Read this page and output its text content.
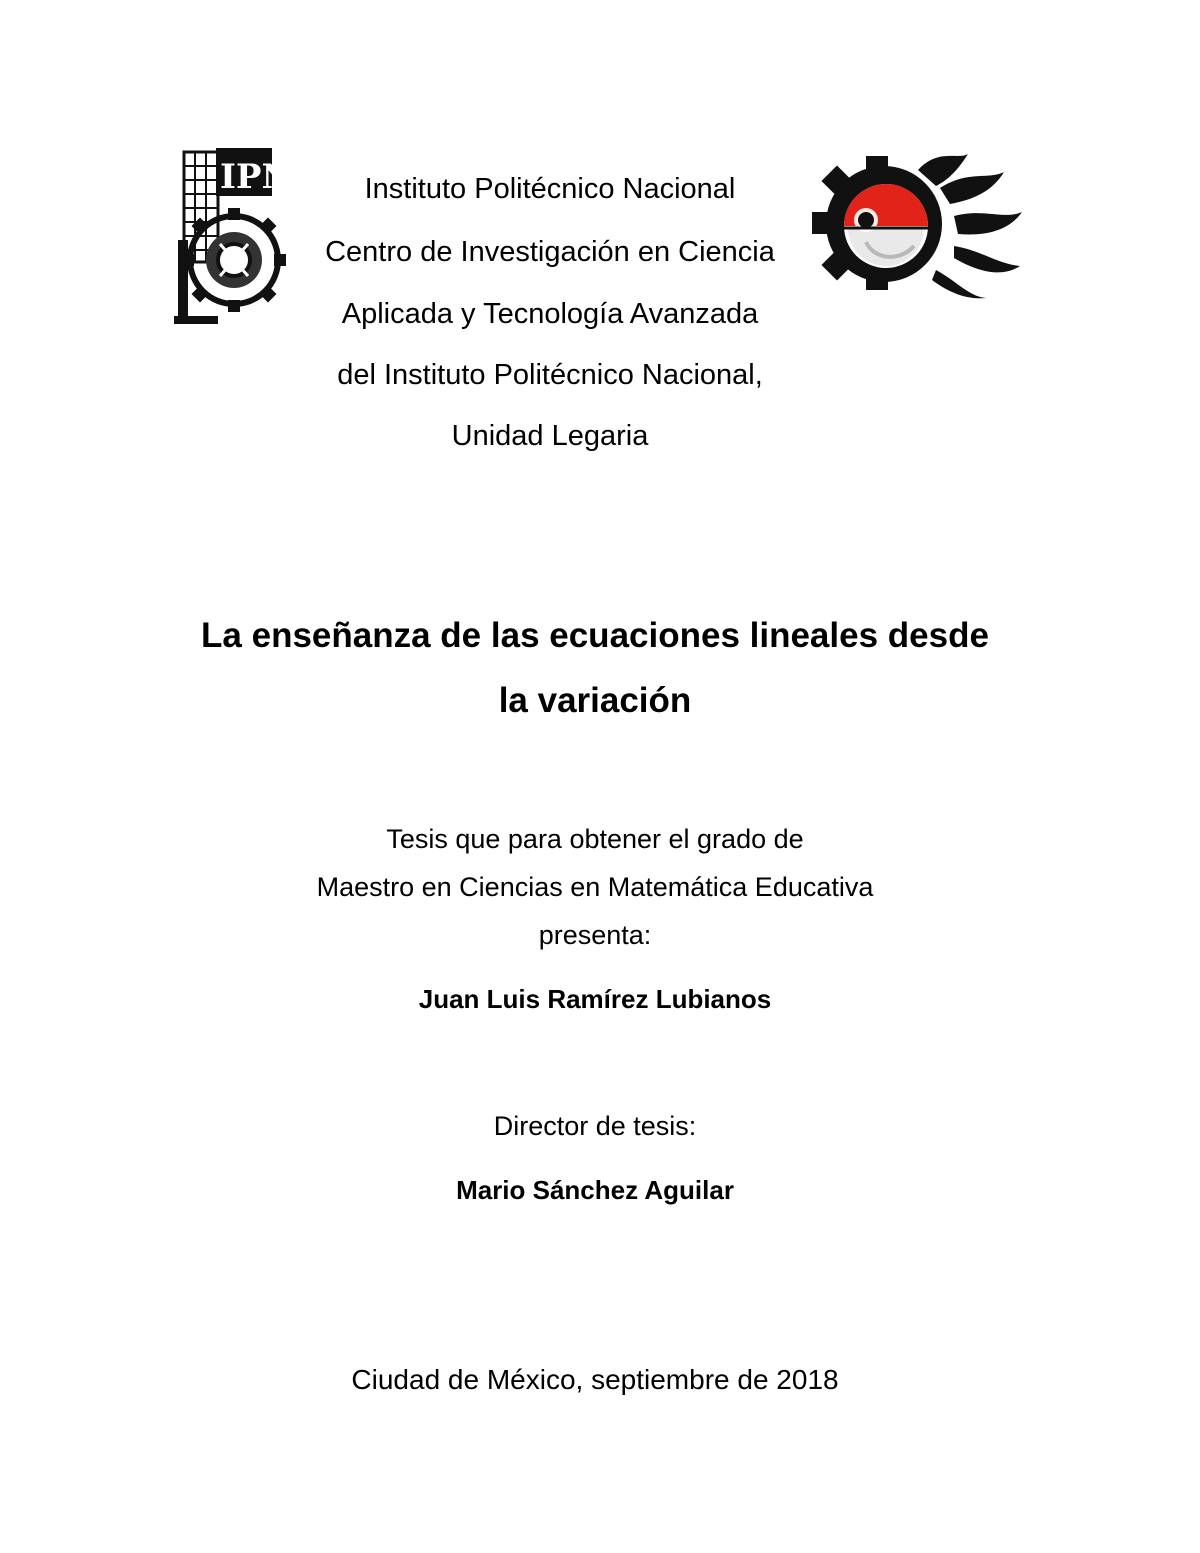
IPN	Instituto Politécnico Nacional
Centro de Investigación en Ciencia
Aplicada y Tecnología Avanzada
del Instituto Politécnico Nacional,
Unidad Legaria
La enseñanza de las ecuaciones lineales desde
la variación
Tesis que para obtener el grado de
Maestro en Ciencias en Matemática Educativa
presenta:
Juan Luis Ramírez Lubianos
Director de tesis:
Mario Sánchez Aguilar
Ciudad de México, septiembre de 2018
